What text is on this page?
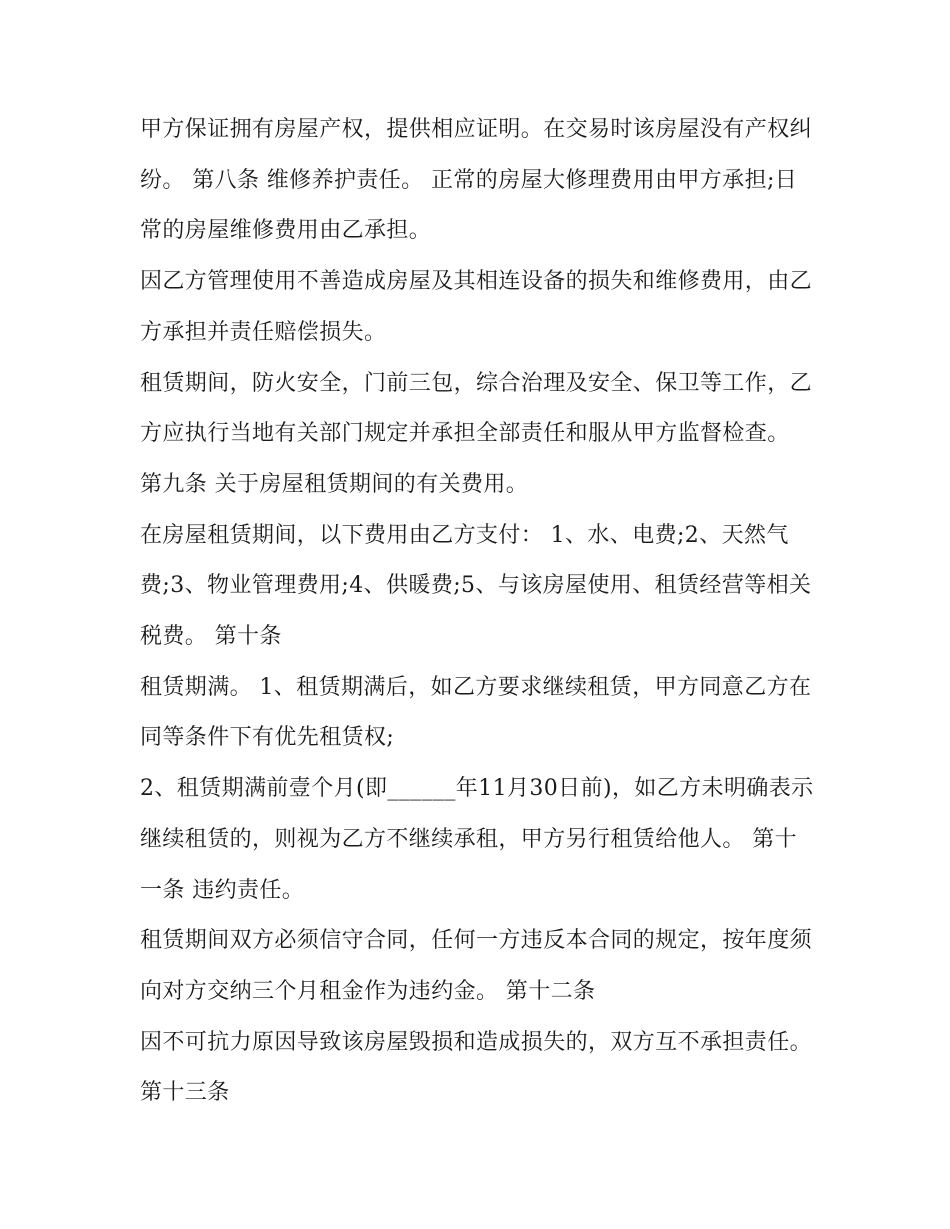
甲方保证拥有房屋产权，提供相应证明。在交易时该房屋没有产权纠纷。 第八条 维修养护责任。 正常的房屋大修理费用由甲方承担;日常的房屋维修费用由乙承担。

因乙方管理使用不善造成房屋及其相连设备的损失和维修费用，由乙方承担并责任赔偿损失。

租赁期间，防火安全，门前三包，综合治理及安全、保卫等工作，乙方应执行当地有关部门规定并承担全部责任和服从甲方监督检查。 第九条 关于房屋租赁期间的有关费用。

在房屋租赁期间，以下费用由乙方支付： 1、水、电费;2、天然气费;3、物业管理费用;4、供暖费;5、与该房屋使用、租赁经营等相关税费。 第十条

租赁期满。 1、租赁期满后，如乙方要求继续租赁，甲方同意乙方在同等条件下有优先租赁权;

2、租赁期满前壹个月(即______年11月30日前)，如乙方未明确表示继续租赁的，则视为乙方不继续承租，甲方另行租赁给他人。 第十一条 违约责任。

租赁期间双方必须信守合同，任何一方违反本合同的规定，按年度须向对方交纳三个月租金作为违约金。 第十二条

因不可抗力原因导致该房屋毁损和造成损失的，双方互不承担责任。 第十三条
